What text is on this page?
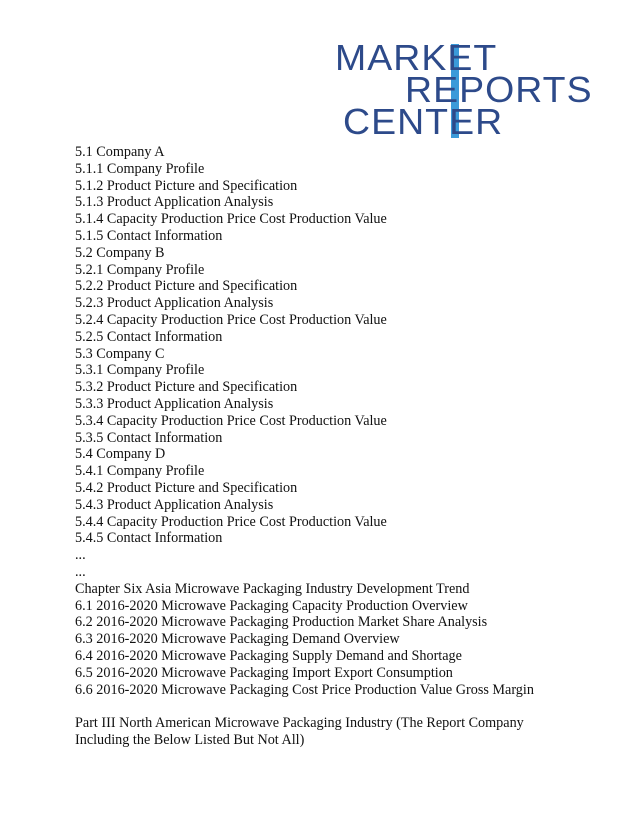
MARKET
REPORTS
CENTER
5.1 Company A
5.1.1 Company Profile
5.1.2 Product Picture and Specification
5.1.3 Product Application Analysis
5.1.4 Capacity Production Price Cost Production Value
5.1.5 Contact Information
5.2 Company B
5.2.1 Company Profile
5.2.2 Product Picture and Specification
5.2.3 Product Application Analysis
5.2.4 Capacity Production Price Cost Production Value
5.2.5 Contact Information
5.3 Company C
5.3.1 Company Profile
5.3.2 Product Picture and Specification
5.3.3 Product Application Analysis
5.3.4 Capacity Production Price Cost Production Value
5.3.5 Contact Information
5.4 Company D
5.4.1 Company Profile
5.4.2 Product Picture and Specification
5.4.3 Product Application Analysis
5.4.4 Capacity Production Price Cost Production Value
5.4.5 Contact Information
...
...
Chapter Six Asia Microwave Packaging Industry Development Trend
6.1 2016-2020 Microwave Packaging Capacity Production Overview
6.2 2016-2020 Microwave Packaging Production Market Share Analysis
6.3 2016-2020 Microwave Packaging Demand Overview
6.4 2016-2020 Microwave Packaging Supply Demand and Shortage
6.5 2016-2020 Microwave Packaging Import Export Consumption
6.6 2016-2020 Microwave Packaging Cost Price Production Value Gross Margin
Part III North American Microwave Packaging Industry (The Report Company
Including the Below Listed But Not All)
